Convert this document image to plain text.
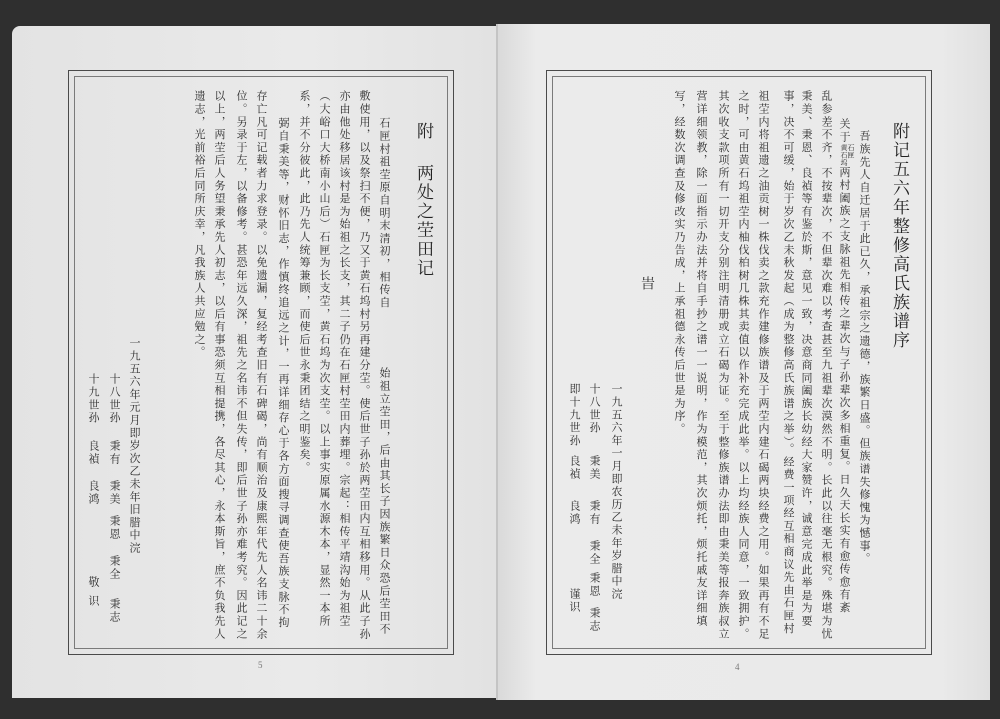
附
两处之茔田记
石匣村祖茔原自明末清初，相传自
始祖立茔田，后由其长子因族繁日众恐后茔田不
敷使用，以及祭扫不便，乃又于黄石坞村另再建分茔。使后世子孙於两茔田内互相移用。从此子孙
亦由他处移居该村是为始祖之长支，其二子仍在石匣村茔田内葬埋。宗起：相传平靖沟始为祖茔
（大峪口大桥南小山后）石匣为长支茔，黄石坞为次支茔。以上事实原属水源木本，显然一本所
系，并不分彼此，此乃先人统筹兼顾，而使后世永秉团结之明鉴矣。
弼自秉美等，财怀旧志，作慎终追远之计，一再详细存心于各方面搜寻调查使吾族支脉不拘
存亡凡可记载者力求登录。以免遗漏，复经考查旧有石碑碣，尚有顺治及康熙年代先人名讳二十余
位。另录于左，以备修考。甚恐年远久深，祖先之名讳不但失传，即后世子孙亦难考究。因此记之
以上，两茔后人务望秉承先人初志，以后有事恐须互相提携，各尽其心，永本斯旨，庶不负我先人
遗志，光前裕后同所庆幸，凡我族人共应勉之。
一九五六年元月即岁次乙未年旧腊中浣
十八世孙
秉有
秉美
秉恩
秉全
秉志
十九世孙
良禎
良鸿
敬识
5
附记五六年整修高氏族谱序
吾族先人自迁居于此已久，承祖宗之遗德，族繁日盛。但族谱失修愧为憾事。
关于石匣
黄石坞两村阖族之支脉祖先相传之辈次与子孙辈次多相重复。日久天长实有愈传愈有紊
乱参差不齐，不按辈次，不但辈次难以考查甚至九祖辈次漠然不明。长此以往毫无根究。殊堪为忧
秉美、秉恩、良禎等有鉴於斯，意见一致，决意商同阖族长幼经大家赞许，诚意完成此举是为要
事，决不可缓，始于岁次乙未秋发起（成为整修高氏族谱之举）。经费一项经互相商议先由石匣村
祖茔内将祖遗之油贡树一株伐卖之款充作建修族谱及于两茔内建石碣两块经费之用。如果再有不足
之时，可由黄石坞祖茔内柚伐柏树几株其卖值以作补充完成此举。以上均经族人同意，一致拥护。
其次收支款项所有一切开支分别注明清册或立石碣为证。至于整修族谱办法即由秉美等报奔族叔立
营详细领教，除一面指示办法并将自手抄之谱一一说明，作为模范，其次烦托，烦托戚友详细填
写，经数次调查及修改实乃告成，上承祖德永传后世是为序。
旹
一九五六年一月即农历乙未年岁腊中浣
十八世孙
秉美
秉有
秉全
秉恩
秉志
即十九世孙
良禎
良鸿
谨识
4
